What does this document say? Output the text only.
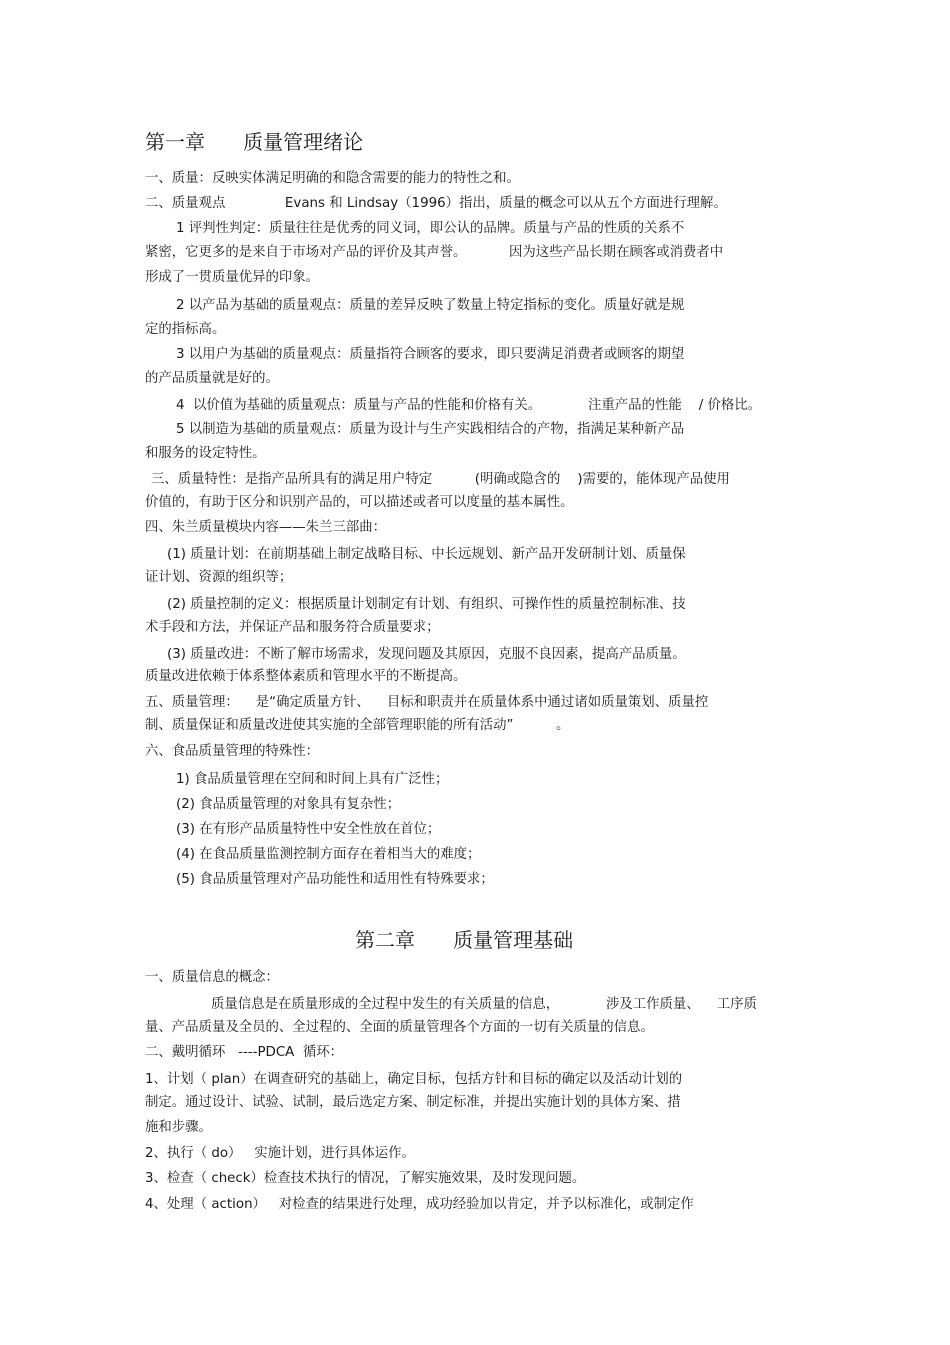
第一章      质量管理绪论
一、质量：反映实体满足明确的和隐含需要的能力的特性之和。
二、质量观点              Evans 和 Lindsay（1996）指出，质量的概念可以从五个方面进行理解。
1 评判性判定：质量往往是优秀的同义词，即公认的品牌。质量与产品的性质的关系不
紧密，它更多的是来自于市场对产品的评价及其声誉。          因为这些产品长期在顾客或消费者中
形成了一贯质量优异的印象。
2 以产品为基础的质量观点：质量的差异反映了数量上特定指标的变化。质量好就是规
定的指标高。
3 以用户为基础的质量观点：质量指符合顾客的要求，即只要满足消费者或顾客的期望
的产品质量就是好的。
4  以价值为基础的质量观点：质量与产品的性能和价格有关。           注重产品的性能    / 价格比。
5 以制造为基础的质量观点：质量为设计与生产实践相结合的产物，指满足某种新产品
和服务的设定特性。
三、质量特性：是指产品所具有的满足用户特定          (明确或隐含的    )需要的，能体现产品使用
价值的，有助于区分和识别产品的，可以描述或者可以度量的基本属性。
四、朱兰质量模块内容——朱兰三部曲：
(1) 质量计划：在前期基础上制定战略目标、中长远规划、新产品开发研制计划、质量保
证计划、资源的组织等；
(2) 质量控制的定义：根据质量计划制定有计划、有组织、可操作性的质量控制标准、技
术手段和方法，并保证产品和服务符合质量要求；
(3) 质量改进：不断了解市场需求，发现问题及其原因，克服不良因素，提高产品质量。
质量改进依赖于体系整体素质和管理水平的不断提高。
五、质量管理：    是“确定质量方针、    目标和职责并在质量体系中通过诸如质量策划、质量控
制、质量保证和质量改进使其实施的全部管理职能的所有活动”          。
六、食品质量管理的特殊性：
1) 食品质量管理在空间和时间上具有广泛性；
(2) 食品质量管理的对象具有复杂性；
(3) 在有形产品质量特性中安全性放在首位；
(4) 在食品质量监测控制方面存在着相当大的难度；
(5) 食品质量管理对产品功能性和适用性有特殊要求；
第二章      质量管理基础
一、质量信息的概念：
质量信息是在质量形成的全过程中发生的有关质量的信息，           涉及工作质量、    工序质
量、产品质量及全员的、全过程的、全面的质量管理各个方面的一切有关质量的信息。
二、戴明循环   ----PDCA  循环：
1、计划（ plan）在调查研究的基础上，确定目标，包括方针和目标的确定以及活动计划的
制定。通过设计、试验、试制，最后选定方案、制定标准，并提出实施计划的具体方案、措
施和步骤。
2、执行（ do）   实施计划，进行具体运作。
3、检查（ check）检查技术执行的情况，了解实施效果，及时发现问题。
4、处理（ action）   对检查的结果进行处理，成功经验加以肯定，并予以标准化，或制定作
